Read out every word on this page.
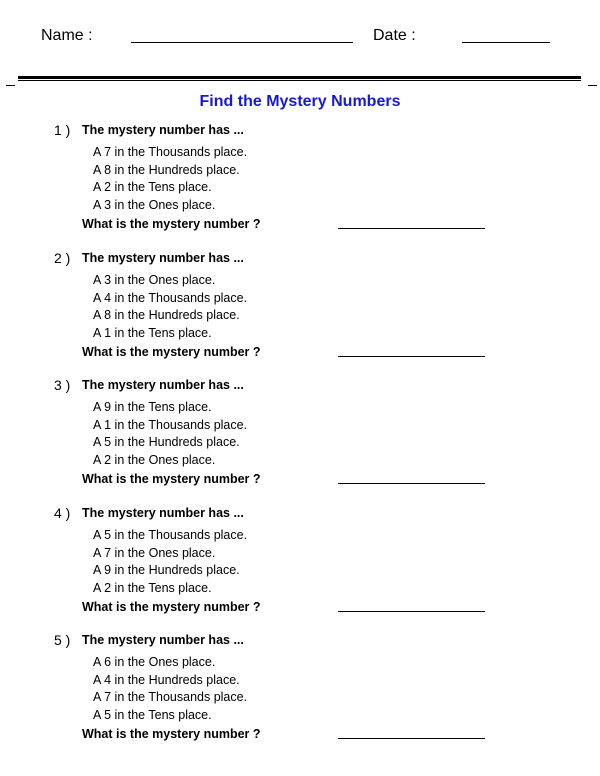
Name :	Date :
Find the Mystery Numbers
1 ) The mystery number has ...
A 7 in the Thousands place.
A 8 in the Hundreds place.
A 2 in the Tens place.
A 3 in the Ones place.
What is the mystery number ?
2 ) The mystery number has ...
A 3 in the Ones place.
A 4 in the Thousands place.
A 8 in the Hundreds place.
A 1 in the Tens place.
What is the mystery number ?
3 ) The mystery number has ...
A 9 in the Tens place.
A 1 in the Thousands place.
A 5 in the Hundreds place.
A 2 in the Ones place.
What is the mystery number ?
4 ) The mystery number has ...
A 5 in the Thousands place.
A 7 in the Ones place.
A 9 in the Hundreds place.
A 2 in the Tens place.
What is the mystery number ?
5 ) The mystery number has ...
A 6 in the Ones place.
A 4 in the Hundreds place.
A 7 in the Thousands place.
A 5 in the Tens place.
What is the mystery number ?
